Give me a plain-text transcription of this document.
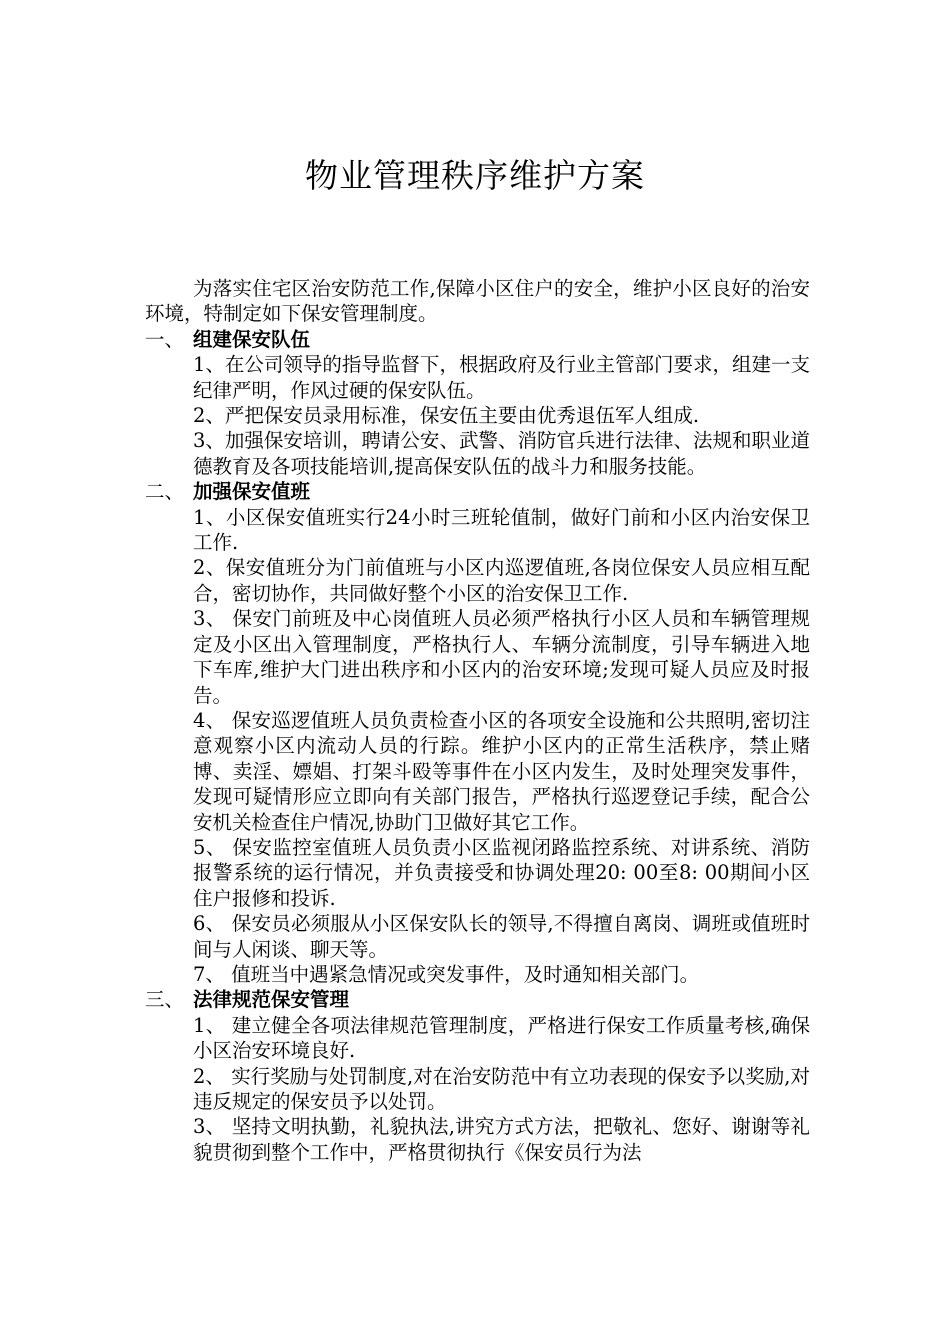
物业管理秩序维护方案

为落实住宅区治安防范工作,保障小区住户的安全，维护小区良好的治安环境，特制定如下保安管理制度。

一、 组建保安队伍

1、在公司领导的指导监督下，根据政府及行业主管部门要求，组建一支纪律严明，作风过硬的保安队伍。

2、严把保安员录用标准，保安伍主要由优秀退伍军人组成.

3、加强保安培训，聘请公安、武警、消防官兵进行法律、法规和职业道德教育及各项技能培训,提高保安队伍的战斗力和服务技能。

二、 加强保安值班

1、小区保安值班实行24小时三班轮值制，做好门前和小区内治安保卫工作.

2、保安值班分为门前值班与小区内巡逻值班,各岗位保安人员应相互配合，密切协作，共同做好整个小区的治安保卫工作.

3、 保安门前班及中心岗值班人员必须严格执行小区人员和车辆管理规定及小区出入管理制度，严格执行人、车辆分流制度，引导车辆进入地下车库,维护大门进出秩序和小区内的治安环境;发现可疑人员应及时报告。

4、 保安巡逻值班人员负责检查小区的各项安全设施和公共照明,密切注意观察小区内流动人员的行踪。维护小区内的正常生活秩序，禁止赌博、卖淫、嫖娼、打架斗殴等事件在小区内发生，及时处理突发事件，发现可疑情形应立即向有关部门报告，严格执行巡逻登记手续，配合公安机关检查住户情况,协助门卫做好其它工作。

5、 保安监控室值班人员负责小区监视闭路监控系统、对讲系统、消防报警系统的运行情况，并负责接受和协调处理20: 00至8: 00期间小区住户报修和投诉.

6、 保安员必须服从小区保安队长的领导,不得擅自离岗、调班或值班时间与人闲谈、聊天等。

7、 值班当中遇紧急情况或突发事件，及时通知相关部门。

三、 法律规范保安管理

1、 建立健全各项法律规范管理制度，严格进行保安工作质量考核,确保小区治安环境良好.

2、 实行奖励与处罚制度,对在治安防范中有立功表现的保安予以奖励,对违反规定的保安员予以处罚。

3、 坚持文明执勤，礼貌执法,讲究方式方法，把敬礼、您好、谢谢等礼貌贯彻到整个工作中，严格贯彻执行《保安员行为法
